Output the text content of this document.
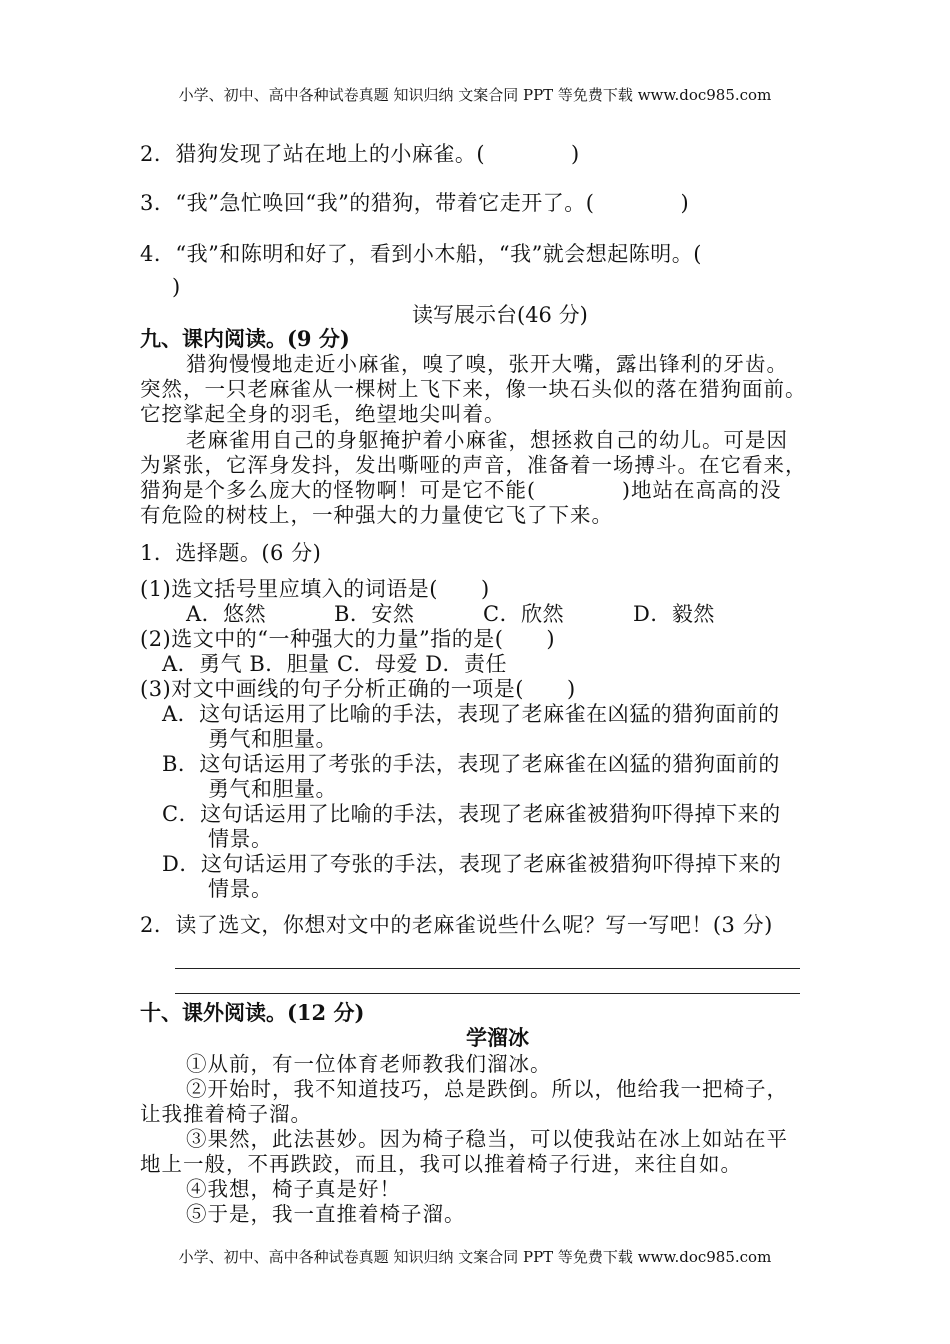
小学、初中、高中各种试卷真题 知识归纳 文案合同 PPT 等免费下载 www.doc985.com
2．猎狗发现了站在地上的小麻雀。(　　　　)
3．“我”急忙唤回“我”的猎狗，带着它走开了。(　　　　)
4．“我”和陈明和好了，看到小木船，“我”就会想起陈明。(
)
读写展示台(46 分)
九、课内阅读。(9 分)
猎狗慢慢地走近小麻雀，嗅了嗅，张开大嘴，露出锋利的牙齿。
突然，一只老麻雀从一棵树上飞下来，像一块石头似的落在猎狗面前。
它挖挲起全身的羽毛，绝望地尖叫着。
老麻雀用自己的身躯掩护着小麻雀，想拯救自己的幼儿。可是因
为紧张，它浑身发抖，发出嘶哑的声音，准备着一场搏斗。在它看来，
猎狗是个多么庞大的怪物啊！可是它不能(　　　　)地站在高高的没
有危险的树枝上，一种强大的力量使它飞了下来。
1．选择题。(6 分)
(1)选文括号里应填入的词语是(　　)
A．悠然	B．安然	C．欣然	D．毅然
(2)选文中的“一种强大的力量”指的是(　　)
A．勇气 B．胆量 C．母爱 D．责任
(3)对文中画线的句子分析正确的一项是(　　)
A．这句话运用了比喻的手法，表现了老麻雀在凶猛的猎狗面前的
勇气和胆量。
B．这句话运用了考张的手法，表现了老麻雀在凶猛的猎狗面前的
勇气和胆量。
C．这句话运用了比喻的手法，表现了老麻雀被猎狗吓得掉下来的
情景。
D．这句话运用了夸张的手法，表现了老麻雀被猎狗吓得掉下来的
情景。
2．读了选文，你想对文中的老麻雀说些什么呢？写一写吧！(3 分)
十、课外阅读。(12 分)
学溜冰
①从前，有一位体育老师教我们溜冰。
②开始时，我不知道技巧，总是跌倒。所以，他给我一把椅子，
让我推着椅子溜。
③果然，此法甚妙。因为椅子稳当，可以使我站在冰上如站在平
地上一般，不再跌跤，而且，我可以推着椅子行进，来往自如。
④我想，椅子真是好！
⑤于是，我一直推着椅子溜。
小学、初中、高中各种试卷真题 知识归纳 文案合同 PPT 等免费下载 www.doc985.com
